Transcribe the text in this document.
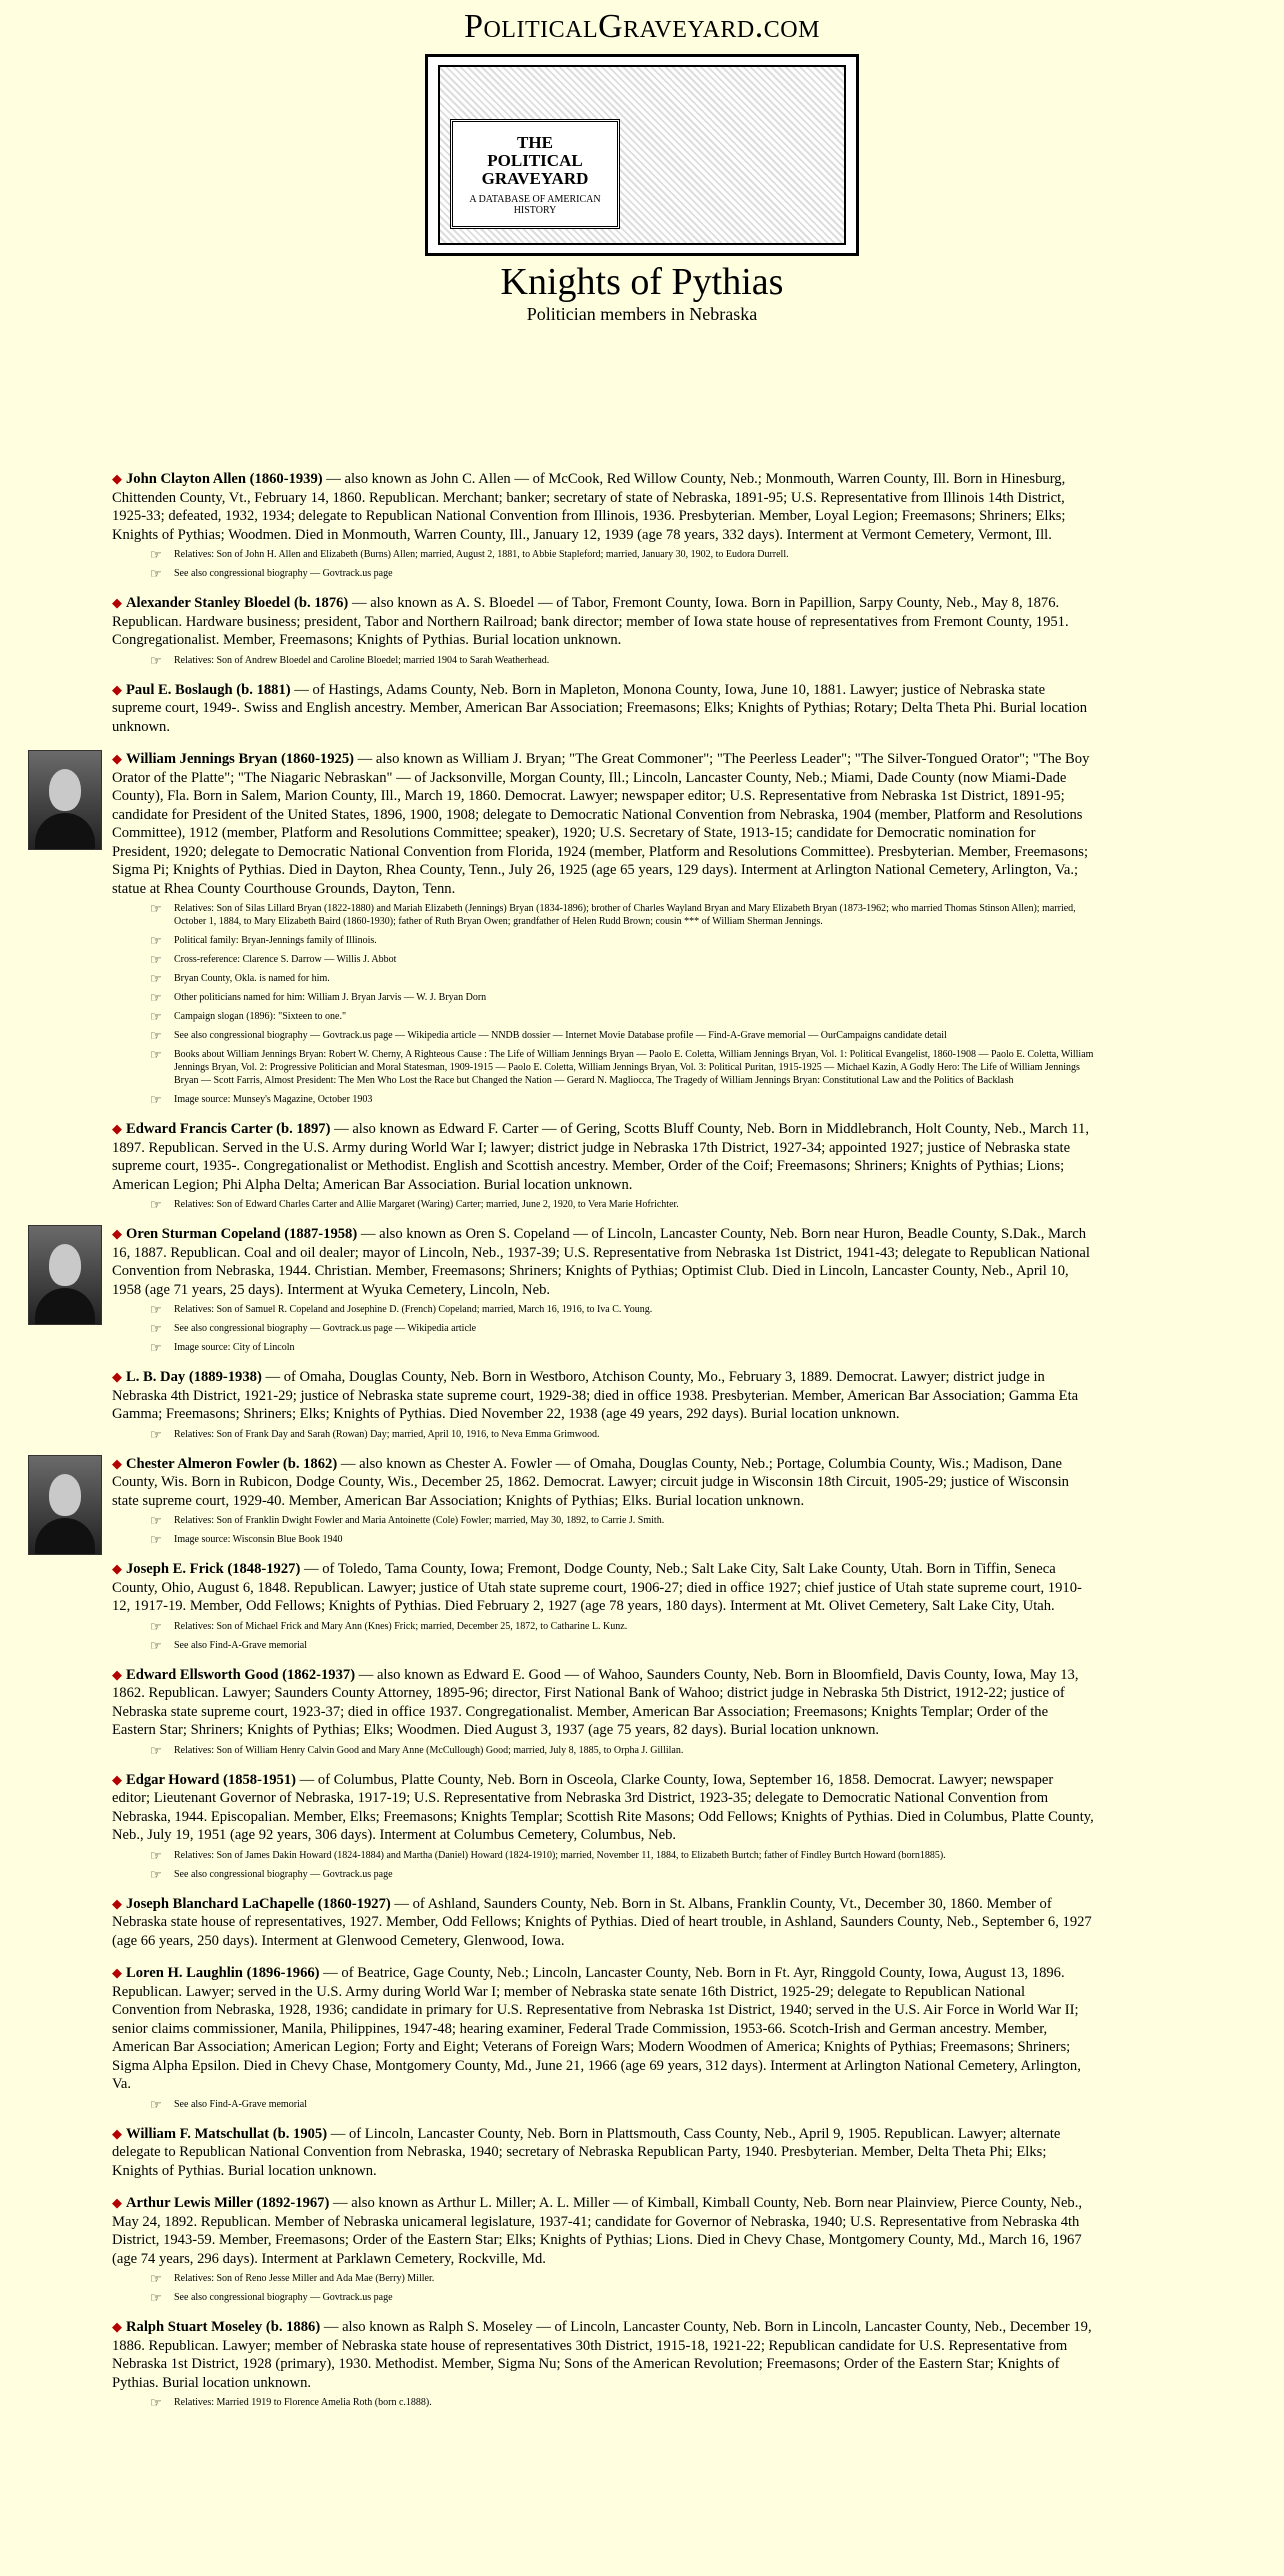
PoliticalGraveyard.com
THE
POLITICAL
GRAVEYARD
A DATABASE OF AMERICAN HISTORY
Knights of Pythias
Politician members in Nebraska
◆ John Clayton Allen (1860-1939) — also known as John C. Allen — of McCook, Red Willow County, Neb.; Monmouth, Warren County, Ill. Born in Hinesburg, Chittenden County, Vt., February 14, 1860. Republican. Merchant; banker; secretary of state of Nebraska, 1891-95; U.S. Representative from Illinois 14th District, 1925-33; defeated, 1932, 1934; delegate to Republican National Convention from Illinois, 1936. Presbyterian. Member, Loyal Legion; Freemasons; Shriners; Elks; Knights of Pythias; Woodmen. Died in Monmouth, Warren County, Ill., January 12, 1939 (age 78 years, 332 days). Interment at Vermont Cemetery, Vermont, Ill.
☞ Relatives: Son of John H. Allen and Elizabeth (Burns) Allen; married, August 2, 1881, to Abbie Stapleford; married, January 30, 1902, to Eudora Durrell.
☞ See also congressional biography — Govtrack.us page
◆ Alexander Stanley Bloedel (b. 1876) — also known as A. S. Bloedel — of Tabor, Fremont County, Iowa. Born in Papillion, Sarpy County, Neb., May 8, 1876. Republican. Hardware business; president, Tabor and Northern Railroad; bank director; member of Iowa state house of representatives from Fremont County, 1951. Congregationalist. Member, Freemasons; Knights of Pythias. Burial location unknown.
☞ Relatives: Son of Andrew Bloedel and Caroline Bloedel; married 1904 to Sarah Weatherhead.
◆ Paul E. Boslaugh (b. 1881) — of Hastings, Adams County, Neb. Born in Mapleton, Monona County, Iowa, June 10, 1881. Lawyer; justice of Nebraska state supreme court, 1949-. Swiss and English ancestry. Member, American Bar Association; Freemasons; Elks; Knights of Pythias; Rotary; Delta Theta Phi. Burial location unknown.
◆ William Jennings Bryan (1860-1925) — also known as William J. Bryan; "The Great Commoner"; "The Peerless Leader"; "The Silver-Tongued Orator"; "The Boy Orator of the Platte"; "The Niagaric Nebraskan" — of Jacksonville, Morgan County, Ill.; Lincoln, Lancaster County, Neb.; Miami, Dade County (now Miami-Dade County), Fla. Born in Salem, Marion County, Ill., March 19, 1860. Democrat. Lawyer; newspaper editor; U.S. Representative from Nebraska 1st District, 1891-95; candidate for President of the United States, 1896, 1900, 1908; delegate to Democratic National Convention from Nebraska, 1904 (member, Platform and Resolutions Committee), 1912 (member, Platform and Resolutions Committee; speaker), 1920; U.S. Secretary of State, 1913-15; candidate for Democratic nomination for President, 1920; delegate to Democratic National Convention from Florida, 1924 (member, Platform and Resolutions Committee). Presbyterian. Member, Freemasons; Sigma Pi; Knights of Pythias. Died in Dayton, Rhea County, Tenn., July 26, 1925 (age 65 years, 129 days). Interment at Arlington National Cemetery, Arlington, Va.; statue at Rhea County Courthouse Grounds, Dayton, Tenn.
☞ Relatives: Son of Silas Lillard Bryan (1822-1880) and Mariah Elizabeth (Jennings) Bryan (1834-1896); brother of Charles Wayland Bryan and Mary Elizabeth Bryan (1873-1962; who married Thomas Stinson Allen); married, October 1, 1884, to Mary Elizabeth Baird (1860-1930); father of Ruth Bryan Owen; grandfather of Helen Rudd Brown; cousin *** of William Sherman Jennings.
☞ Political family: Bryan-Jennings family of Illinois.
☞ Cross-reference: Clarence S. Darrow — Willis J. Abbot
☞ Bryan County, Okla. is named for him.
☞ Other politicians named for him: William J. Bryan Jarvis — W. J. Bryan Dorn
☞ Campaign slogan (1896): "Sixteen to one."
☞ See also congressional biography — Govtrack.us page — Wikipedia article — NNDB dossier — Internet Movie Database profile — Find-A-Grave memorial — OurCampaigns candidate detail
☞ Books about William Jennings Bryan: Robert W. Cherny, A Righteous Cause : The Life of William Jennings Bryan — Paolo E. Coletta, William Jennings Bryan, Vol. 1: Political Evangelist, 1860-1908 — Paolo E. Coletta, William Jennings Bryan, Vol. 2: Progressive Politician and Moral Statesman, 1909-1915 — Paolo E. Coletta, William Jennings Bryan, Vol. 3: Political Puritan, 1915-1925 — Michael Kazin, A Godly Hero: The Life of William Jennings Bryan — Scott Farris, Almost President: The Men Who Lost the Race but Changed the Nation — Gerard N. Magliocca, The Tragedy of William Jennings Bryan: Constitutional Law and the Politics of Backlash
☞ Image source: Munsey's Magazine, October 1903
◆ Edward Francis Carter (b. 1897) — also known as Edward F. Carter — of Gering, Scotts Bluff County, Neb. Born in Middlebranch, Holt County, Neb., March 11, 1897. Republican. Served in the U.S. Army during World War I; lawyer; district judge in Nebraska 17th District, 1927-34; appointed 1927; justice of Nebraska state supreme court, 1935-. Congregationalist or Methodist. English and Scottish ancestry. Member, Order of the Coif; Freemasons; Shriners; Knights of Pythias; Lions; American Legion; Phi Alpha Delta; American Bar Association. Burial location unknown.
☞ Relatives: Son of Edward Charles Carter and Allie Margaret (Waring) Carter; married, June 2, 1920, to Vera Marie Hofrichter.
◆ Oren Sturman Copeland (1887-1958) — also known as Oren S. Copeland — of Lincoln, Lancaster County, Neb. Born near Huron, Beadle County, S.Dak., March 16, 1887. Republican. Coal and oil dealer; mayor of Lincoln, Neb., 1937-39; U.S. Representative from Nebraska 1st District, 1941-43; delegate to Republican National Convention from Nebraska, 1944. Christian. Member, Freemasons; Shriners; Knights of Pythias; Optimist Club. Died in Lincoln, Lancaster County, Neb., April 10, 1958 (age 71 years, 25 days). Interment at Wyuka Cemetery, Lincoln, Neb.
☞ Relatives: Son of Samuel R. Copeland and Josephine D. (French) Copeland; married, March 16, 1916, to Iva C. Young.
☞ See also congressional biography — Govtrack.us page — Wikipedia article
☞ Image source: City of Lincoln
◆ L. B. Day (1889-1938) — of Omaha, Douglas County, Neb. Born in Westboro, Atchison County, Mo., February 3, 1889. Democrat. Lawyer; district judge in Nebraska 4th District, 1921-29; justice of Nebraska state supreme court, 1929-38; died in office 1938. Presbyterian. Member, American Bar Association; Gamma Eta Gamma; Freemasons; Shriners; Elks; Knights of Pythias. Died November 22, 1938 (age 49 years, 292 days). Burial location unknown.
☞ Relatives: Son of Frank Day and Sarah (Rowan) Day; married, April 10, 1916, to Neva Emma Grimwood.
◆ Chester Almeron Fowler (b. 1862) — also known as Chester A. Fowler — of Omaha, Douglas County, Neb.; Portage, Columbia County, Wis.; Madison, Dane County, Wis. Born in Rubicon, Dodge County, Wis., December 25, 1862. Democrat. Lawyer; circuit judge in Wisconsin 18th Circuit, 1905-29; justice of Wisconsin state supreme court, 1929-40. Member, American Bar Association; Knights of Pythias; Elks. Burial location unknown.
☞ Relatives: Son of Franklin Dwight Fowler and Maria Antoinette (Cole) Fowler; married, May 30, 1892, to Carrie J. Smith.
☞ Image source: Wisconsin Blue Book 1940
◆ Joseph E. Frick (1848-1927) — of Toledo, Tama County, Iowa; Fremont, Dodge County, Neb.; Salt Lake City, Salt Lake County, Utah. Born in Tiffin, Seneca County, Ohio, August 6, 1848. Republican. Lawyer; justice of Utah state supreme court, 1906-27; died in office 1927; chief justice of Utah state supreme court, 1910-12, 1917-19. Member, Odd Fellows; Knights of Pythias. Died February 2, 1927 (age 78 years, 180 days). Interment at Mt. Olivet Cemetery, Salt Lake City, Utah.
☞ Relatives: Son of Michael Frick and Mary Ann (Knes) Frick; married, December 25, 1872, to Catharine L. Kunz.
☞ See also Find-A-Grave memorial
◆ Edward Ellsworth Good (1862-1937) — also known as Edward E. Good — of Wahoo, Saunders County, Neb. Born in Bloomfield, Davis County, Iowa, May 13, 1862. Republican. Lawyer; Saunders County Attorney, 1895-96; director, First National Bank of Wahoo; district judge in Nebraska 5th District, 1912-22; justice of Nebraska state supreme court, 1923-37; died in office 1937. Congregationalist. Member, American Bar Association; Freemasons; Knights Templar; Order of the Eastern Star; Shriners; Knights of Pythias; Elks; Woodmen. Died August 3, 1937 (age 75 years, 82 days). Burial location unknown.
☞ Relatives: Son of William Henry Calvin Good and Mary Anne (McCullough) Good; married, July 8, 1885, to Orpha J. Gillilan.
◆ Edgar Howard (1858-1951) — of Columbus, Platte County, Neb. Born in Osceola, Clarke County, Iowa, September 16, 1858. Democrat. Lawyer; newspaper editor; Lieutenant Governor of Nebraska, 1917-19; U.S. Representative from Nebraska 3rd District, 1923-35; delegate to Democratic National Convention from Nebraska, 1944. Episcopalian. Member, Elks; Freemasons; Knights Templar; Scottish Rite Masons; Odd Fellows; Knights of Pythias. Died in Columbus, Platte County, Neb., July 19, 1951 (age 92 years, 306 days). Interment at Columbus Cemetery, Columbus, Neb.
☞ Relatives: Son of James Dakin Howard (1824-1884) and Martha (Daniel) Howard (1824-1910); married, November 11, 1884, to Elizabeth Burtch; father of Findley Burtch Howard (born1885).
☞ See also congressional biography — Govtrack.us page
◆ Joseph Blanchard LaChapelle (1860-1927) — of Ashland, Saunders County, Neb. Born in St. Albans, Franklin County, Vt., December 30, 1860. Member of Nebraska state house of representatives, 1927. Member, Odd Fellows; Knights of Pythias. Died of heart trouble, in Ashland, Saunders County, Neb., September 6, 1927 (age 66 years, 250 days). Interment at Glenwood Cemetery, Glenwood, Iowa.
◆ Loren H. Laughlin (1896-1966) — of Beatrice, Gage County, Neb.; Lincoln, Lancaster County, Neb. Born in Ft. Ayr, Ringgold County, Iowa, August 13, 1896. Republican. Lawyer; served in the U.S. Army during World War I; member of Nebraska state senate 16th District, 1925-29; delegate to Republican National Convention from Nebraska, 1928, 1936; candidate in primary for U.S. Representative from Nebraska 1st District, 1940; served in the U.S. Air Force in World War II; senior claims commissioner, Manila, Philippines, 1947-48; hearing examiner, Federal Trade Commission, 1953-66. Scotch-Irish and German ancestry. Member, American Bar Association; American Legion; Forty and Eight; Veterans of Foreign Wars; Modern Woodmen of America; Knights of Pythias; Freemasons; Shriners; Sigma Alpha Epsilon. Died in Chevy Chase, Montgomery County, Md., June 21, 1966 (age 69 years, 312 days). Interment at Arlington National Cemetery, Arlington, Va.
☞ See also Find-A-Grave memorial
◆ William F. Matschullat (b. 1905) — of Lincoln, Lancaster County, Neb. Born in Plattsmouth, Cass County, Neb., April 9, 1905. Republican. Lawyer; alternate delegate to Republican National Convention from Nebraska, 1940; secretary of Nebraska Republican Party, 1940. Presbyterian. Member, Delta Theta Phi; Elks; Knights of Pythias. Burial location unknown.
◆ Arthur Lewis Miller (1892-1967) — also known as Arthur L. Miller; A. L. Miller — of Kimball, Kimball County, Neb. Born near Plainview, Pierce County, Neb., May 24, 1892. Republican. Member of Nebraska unicameral legislature, 1937-41; candidate for Governor of Nebraska, 1940; U.S. Representative from Nebraska 4th District, 1943-59. Member, Freemasons; Order of the Eastern Star; Elks; Knights of Pythias; Lions. Died in Chevy Chase, Montgomery County, Md., March 16, 1967 (age 74 years, 296 days). Interment at Parklawn Cemetery, Rockville, Md.
☞ Relatives: Son of Reno Jesse Miller and Ada Mae (Berry) Miller.
☞ See also congressional biography — Govtrack.us page
◆ Ralph Stuart Moseley (b. 1886) — also known as Ralph S. Moseley — of Lincoln, Lancaster County, Neb. Born in Lincoln, Lancaster County, Neb., December 19, 1886. Republican. Lawyer; member of Nebraska state house of representatives 30th District, 1915-18, 1921-22; Republican candidate for U.S. Representative from Nebraska 1st District, 1928 (primary), 1930. Methodist. Member, Sigma Nu; Sons of the American Revolution; Freemasons; Order of the Eastern Star; Knights of Pythias. Burial location unknown.
☞ Relatives: Married 1919 to Florence Amelia Roth (born c.1888).
